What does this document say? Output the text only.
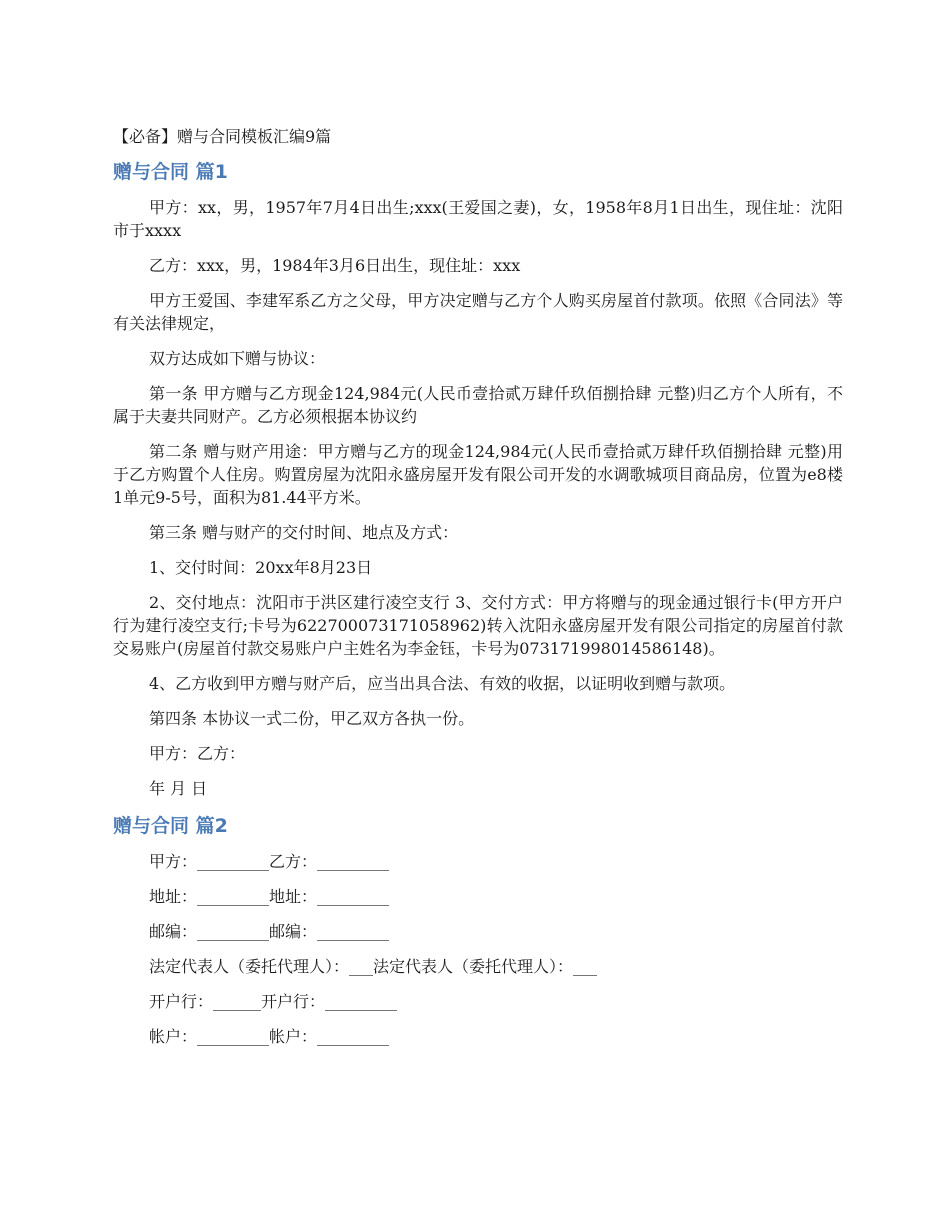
【必备】赠与合同模板汇编9篇
赠与合同 篇1

甲方：xx，男，1957年7月4日出生;xxx(王爱国之妻)，女，1958年8月1日出生，现住址：沈阳市于xxxx

乙方：xxx，男，1984年3月6日出生，现住址：xxx

甲方王爱国、李建军系乙方之父母，甲方决定赠与乙方个人购买房屋首付款项。依照《合同法》等有关法律规定，

双方达成如下赠与协议：

第一条 甲方赠与乙方现金124,984元(人民币壹拾贰万肆仟玖佰捌拾肆 元整)归乙方个人所有，不属于夫妻共同财产。乙方必须根据本协议约

第二条 赠与财产用途：甲方赠与乙方的现金124,984元(人民币壹拾贰万肆仟玖佰捌拾肆 元整)用于乙方购置个人住房。购置房屋为沈阳永盛房屋开发有限公司开发的水调歌城项目商品房，位置为e8楼1单元9-5号，面积为81.44平方米。

第三条 赠与财产的交付时间、地点及方式：

1、交付时间：20xx年8月23日

2、交付地点：沈阳市于洪区建行凌空支行 3、交付方式：甲方将赠与的现金通过银行卡(甲方开户行为建行凌空支行;卡号为6227000731710589​62)转入沈阳永盛房屋开发有限公司指定的房屋首付款交易账户(房屋首付款交易账户户主姓名为李金钰，卡号为07317199801458​6148)。

4、乙方收到甲方赠与财产后，应当出具合法、有效的收据，以证明收到赠与款项。

第四条 本协议一式二份，甲乙双方各执一份。

甲方：乙方：

年 月 日

赠与合同 篇2

甲方：_________乙方：_________

地址：_________地址：_________

邮编：_________邮编：_________

法定代表人（委托代理人）：___法定代表人（委托代理人）：___

开户行：______开户行：_________

帐户：_________帐户：_________
